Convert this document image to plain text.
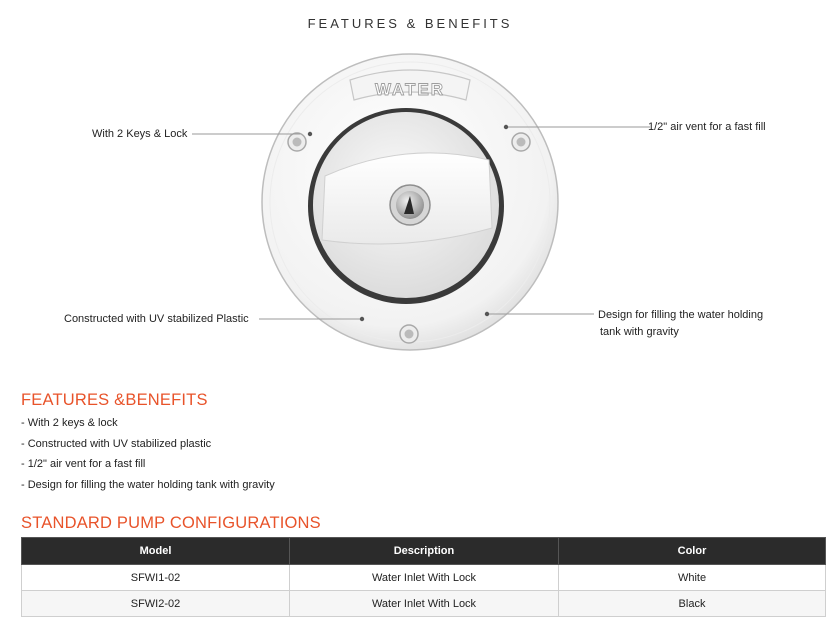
FEATURES & BENEFITS
WATER
With 2 Keys & Lock
1/2" air vent for a fast fill
Constructed with UV stabilized Plastic	Design for filling the water holding
tank with gravity
FEATURES &BENEFITS
- With 2 keys & lock
- Constructed with UV stabilized plastic
- 1/2" air vent for a fast fill
- Design for filling the water holding tank with gravity
STANDARD PUMP CONFIGURATIONS
Model	Description	Color
SFWI1-02	Water Inlet With Lock	White
SFWI2-02	Water Inlet With Lock	Black
